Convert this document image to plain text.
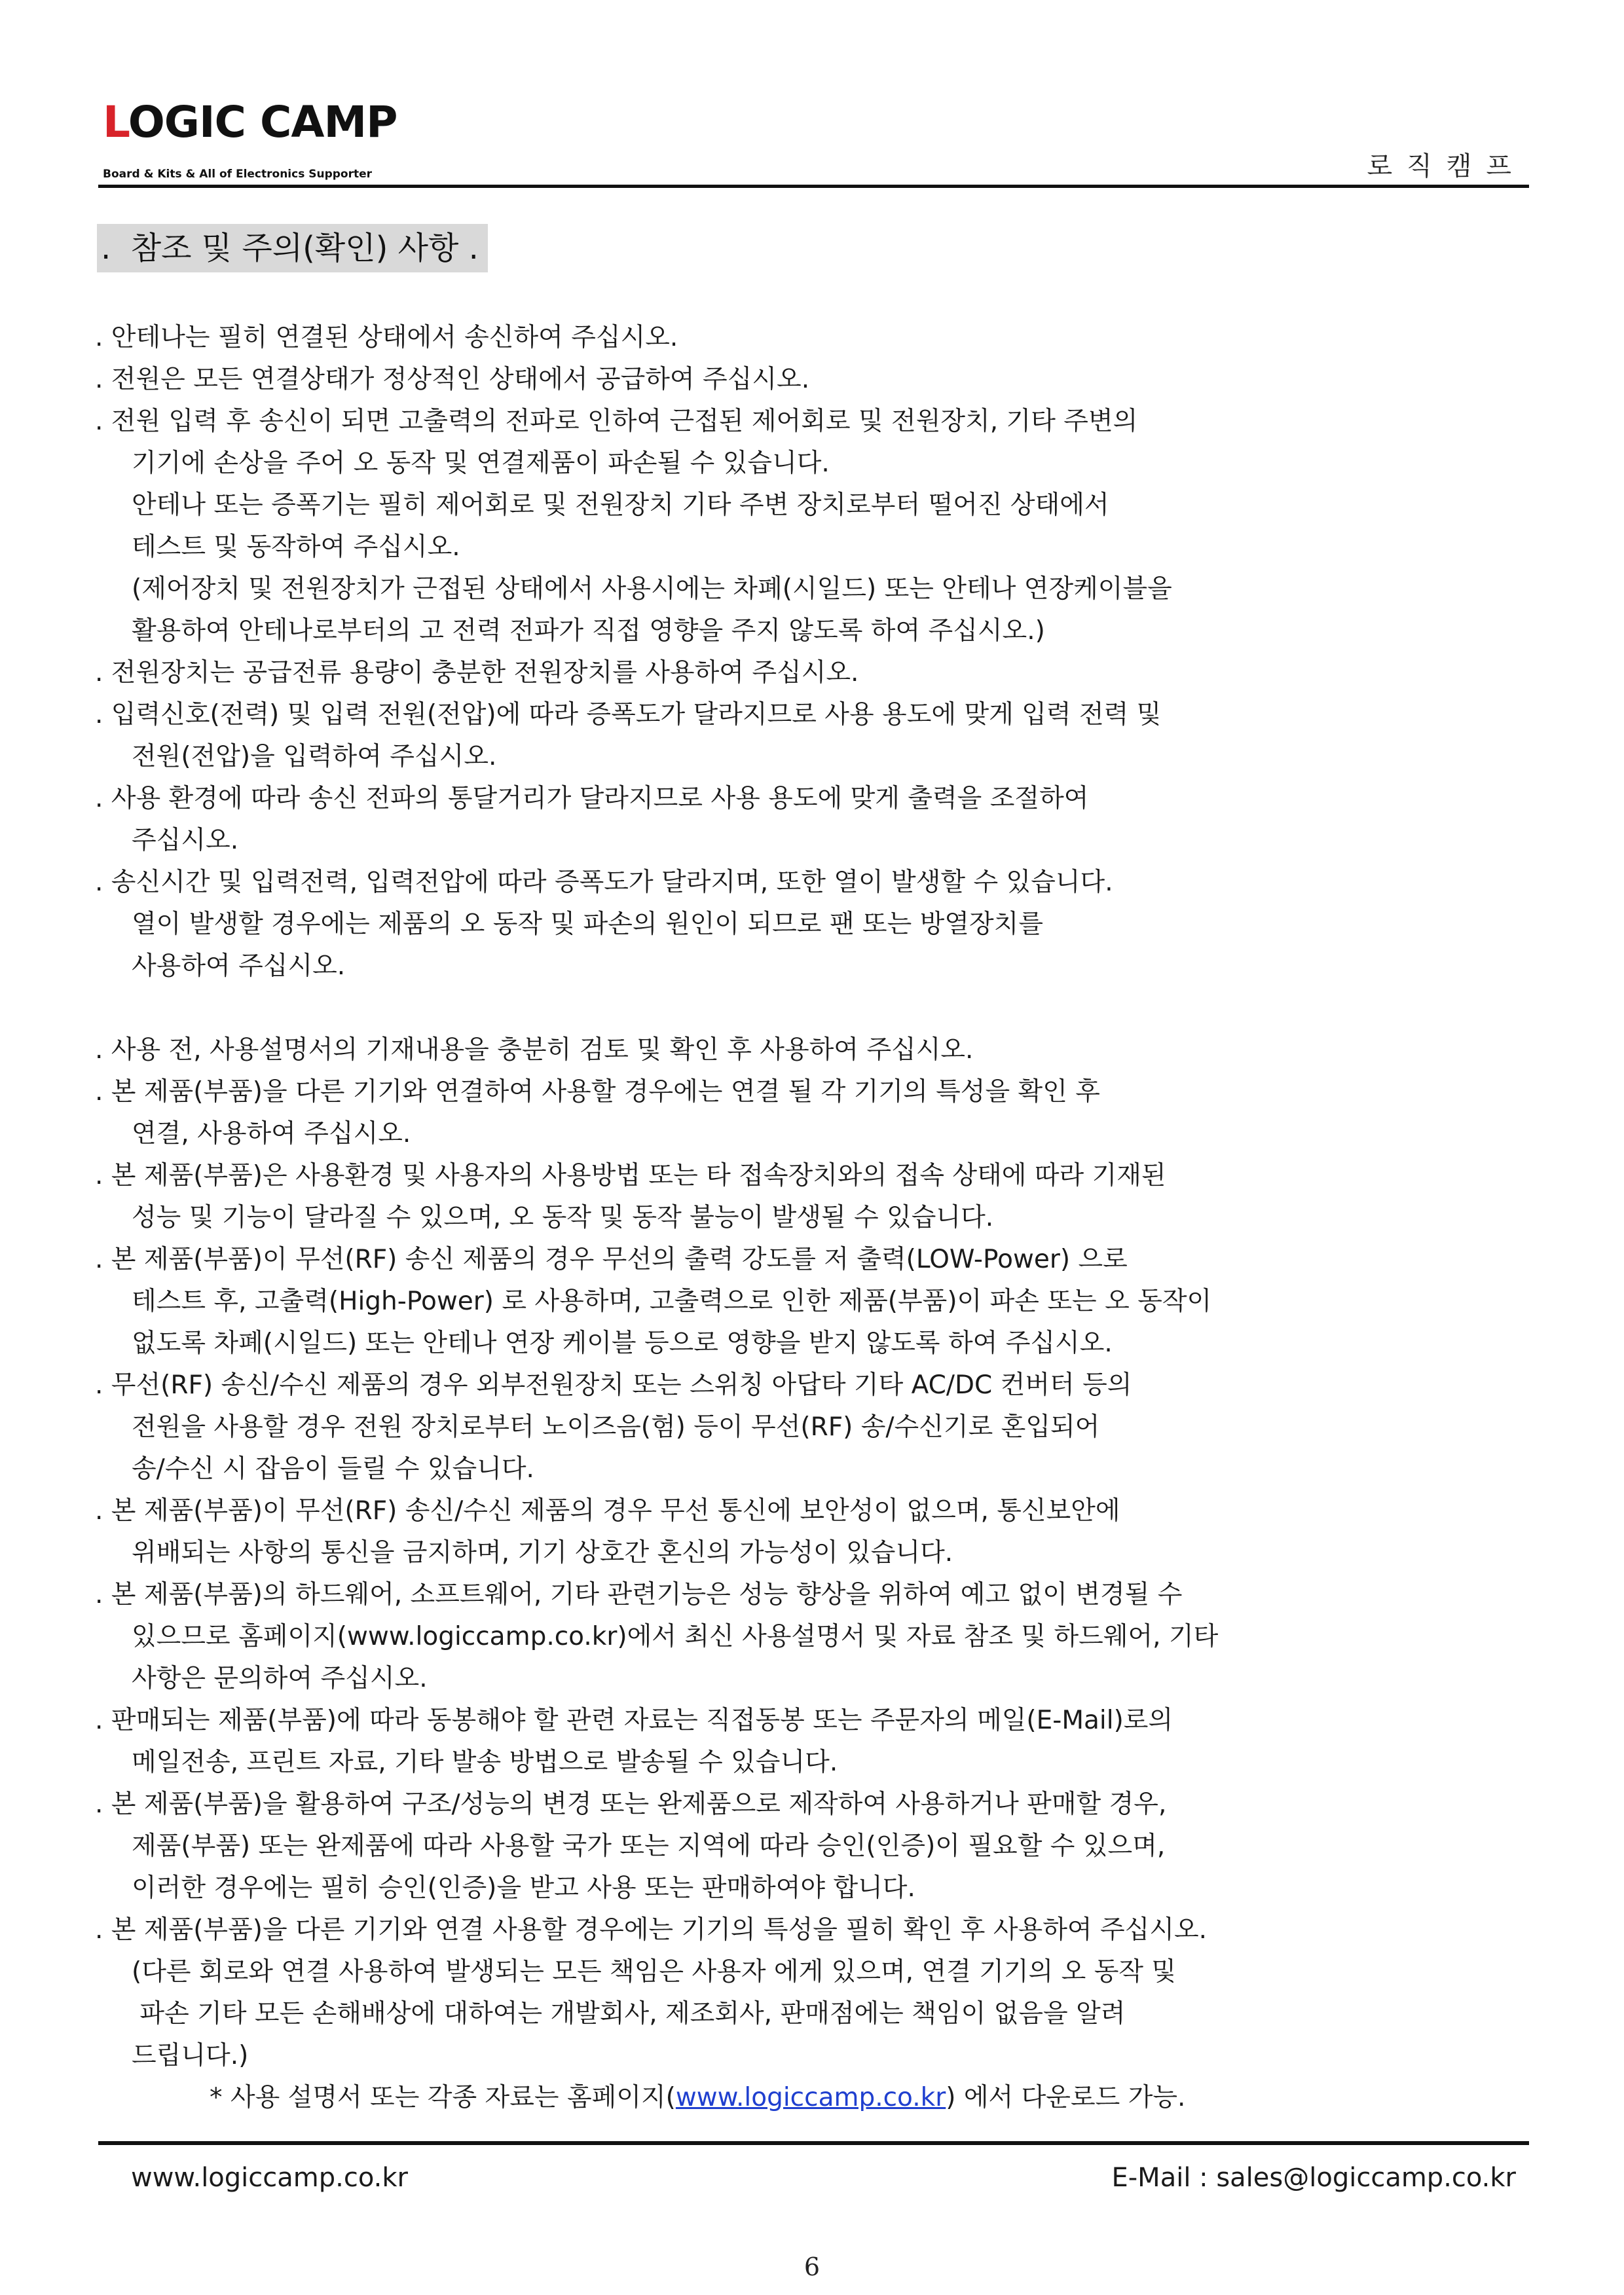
LOGIC CAMP
Board & Kits & All of Electronics Supporter	로직캠프
.  참조 및 주의(확인) 사항 .
. 안테나는 필히 연결된 상태에서 송신하여 주십시오.
. 전원은 모든 연결상태가 정상적인 상태에서 공급하여 주십시오.
. 전원 입력 후 송신이 되면 고출력의 전파로 인하여 근접된 제어회로 및 전원장치, 기타 주변의
기기에 손상을 주어 오 동작 및 연결제품이 파손될 수 있습니다.
안테나 또는 증폭기는 필히 제어회로 및 전원장치 기타 주변 장치로부터 떨어진 상태에서
테스트 및 동작하여 주십시오.
(제어장치 및 전원장치가 근접된 상태에서 사용시에는 차폐(시일드) 또는 안테나 연장케이블을
활용하여 안테나로부터의 고 전력 전파가 직접 영향을 주지 않도록 하여 주십시오.)
. 전원장치는 공급전류 용량이 충분한 전원장치를 사용하여 주십시오.
. 입력신호(전력) 및 입력 전원(전압)에 따라 증폭도가 달라지므로 사용 용도에 맞게 입력 전력 및
전원(전압)을 입력하여 주십시오.
. 사용 환경에 따라 송신 전파의 통달거리가 달라지므로 사용 용도에 맞게 출력을 조절하여
주십시오.
. 송신시간 및 입력전력, 입력전압에 따라 증폭도가 달라지며, 또한 열이 발생할 수 있습니다.
열이 발생할 경우에는 제품의 오 동작 및 파손의 원인이 되므로 팬 또는 방열장치를
사용하여 주십시오.
. 사용 전, 사용설명서의 기재내용을 충분히 검토 및 확인 후 사용하여 주십시오.
. 본 제품(부품)을 다른 기기와 연결하여 사용할 경우에는 연결 될 각 기기의 특성을 확인 후
연결, 사용하여 주십시오.
. 본 제품(부품)은 사용환경 및 사용자의 사용방법 또는 타 접속장치와의 접속 상태에 따라 기재된
성능 및 기능이 달라질 수 있으며, 오 동작 및 동작 불능이 발생될 수 있습니다.
. 본 제품(부품)이 무선(RF) 송신 제품의 경우 무선의 출력 강도를 저 출력(LOW-Power) 으로
테스트 후, 고출력(High-Power) 로 사용하며, 고출력으로 인한 제품(부품)이 파손 또는 오 동작이
없도록 차폐(시일드) 또는 안테나 연장 케이블 등으로 영향을 받지 않도록 하여 주십시오.
. 무선(RF) 송신/수신 제품의 경우 외부전원장치 또는 스위칭 아답타 기타 AC/DC 컨버터 등의
전원을 사용할 경우 전원 장치로부터 노이즈음(험) 등이 무선(RF) 송/수신기로 혼입되어
송/수신 시 잡음이 들릴 수 있습니다.
. 본 제품(부품)이 무선(RF) 송신/수신 제품의 경우 무선 통신에 보안성이 없으며, 통신보안에
위배되는 사항의 통신을 금지하며, 기기 상호간 혼신의 가능성이 있습니다.
. 본 제품(부품)의 하드웨어, 소프트웨어, 기타 관련기능은 성능 향상을 위하여 예고 없이 변경될 수
있으므로 홈페이지(www.logiccamp.co.kr)에서 최신 사용설명서 및 자료 참조 및 하드웨어, 기타
사항은 문의하여 주십시오.
. 판매되는 제품(부품)에 따라 동봉해야 할 관련 자료는 직접동봉 또는 주문자의 메일(E-Mail)로의
메일전송, 프린트 자료, 기타 발송 방법으로 발송될 수 있습니다.
. 본 제품(부품)을 활용하여 구조/성능의 변경 또는 완제품으로 제작하여 사용하거나 판매할 경우,
제품(부품) 또는 완제품에 따라 사용할 국가 또는 지역에 따라 승인(인증)이 필요할 수 있으며,
이러한 경우에는 필히 승인(인증)을 받고 사용 또는 판매하여야 합니다.
. 본 제품(부품)을 다른 기기와 연결 사용할 경우에는 기기의 특성을 필히 확인 후 사용하여 주십시오.
(다른 회로와 연결 사용하여 발생되는 모든 책임은 사용자 에게 있으며, 연결 기기의 오 동작 및
파손 기타 모든 손해배상에 대하여는 개발회사, 제조회사, 판매점에는 책임이 없음을 알려
드립니다.)
* 사용 설명서 또는 각종 자료는 홈페이지(www.logiccamp.co.kr) 에서 다운로드 가능.
www.logiccamp.co.kr	E-Mail : sales@logiccamp.co.kr
6
